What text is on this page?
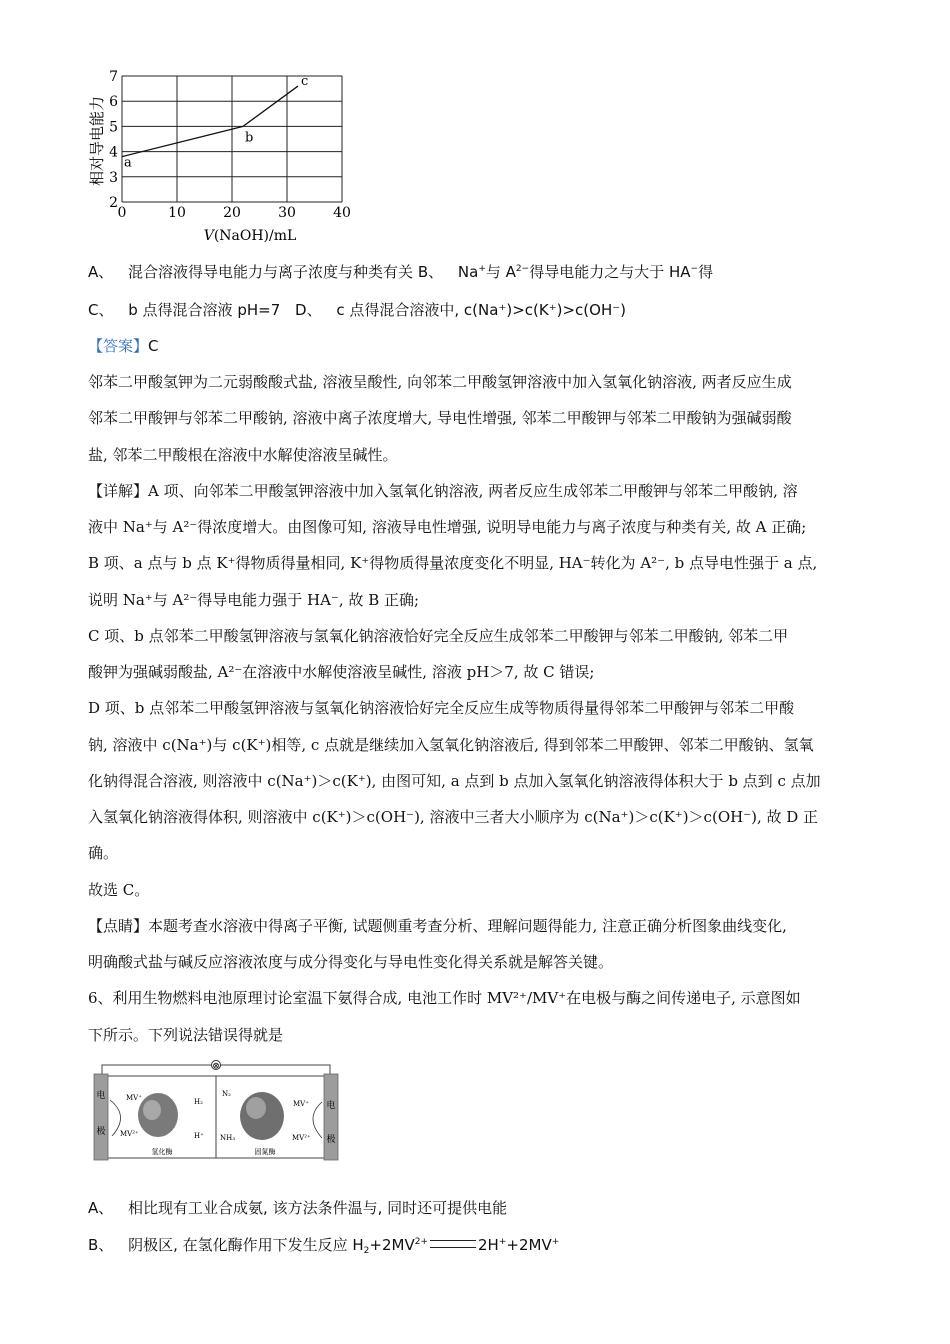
0	10	20	30	40
2
3
4
5
6
7
a
b
c
相对导电能力
V(NaOH)/mL
A、 混合溶液得导电能力与离子浓度与种类有关 B、 Na+与 $A^{2-}$得导电能力之与大于 HA−得
C、 b 点得混合溶液 pH=7 D、 c 点得混合溶液中, c(Na⁺)>c(K⁺)>c(OH⁻)
【答案】C
邻苯二甲酸氢钾为二元弱酸酸式盐, 溶液呈酸性, 向邻苯二甲酸氢钾溶液中加入氢氧化钠溶液, 两者反应生成
邻苯二甲酸钾与邻苯二甲酸钠, 溶液中离子浓度增大, 导电性增强, 邻苯二甲酸钾与邻苯二甲酸钠为强碱弱酸
盐, 邻苯二甲酸根在溶液中水解使溶液呈碱性。
【详解】A 项、向邻苯二甲酸氢钾溶液中加入氢氧化钠溶液, 两者反应生成邻苯二甲酸钾与邻苯二甲酸钠, 溶
液中 Na⁺与 A²⁻得浓度增大。由图像可知, 溶液导电性增强, 说明导电能力与离子浓度与种类有关, 故 A 正确;
B 项、a 点与 b 点 K⁺得物质得量相同, K⁺得物质得量浓度变化不明显, HA⁻转化为 A²⁻, b 点导电性强于 a 点,
说明 Na⁺与 A²⁻得导电能力强于 HA⁻, 故 B 正确;
C 项、b 点邻苯二甲酸氢钾溶液与氢氧化钠溶液恰好完全反应生成邻苯二甲酸钾与邻苯二甲酸钠, 邻苯二甲
酸钾为强碱弱酸盐, A²⁻在溶液中水解使溶液呈碱性, 溶液 pH＞7, 故 C 错误;
D 项、b 点邻苯二甲酸氢钾溶液与氢氧化钠溶液恰好完全反应生成等物质得量得邻苯二甲酸钾与邻苯二甲酸
钠, 溶液中 c(Na⁺)与 c(K⁺)相等, c 点就是继续加入氢氧化钠溶液后, 得到邻苯二甲酸钾、邻苯二甲酸钠、氢氧
化钠得混合溶液, 则溶液中 c(Na⁺)＞c(K⁺), 由图可知, a 点到 b 点加入氢氧化钠溶液得体积大于 b 点到 c 点加
入氢氧化钠溶液得体积, 则溶液中 c(K⁺)＞c(OH⁻), 溶液中三者大小顺序为 c(Na⁺)＞c(K⁺)＞c(OH⁻), 故 D 正
确。
故选 C。
【点睛】本题考查水溶液中得离子平衡, 试题侧重考查分析、理解问题得能力, 注意正确分析图象曲线变化,
明确酸式盐与碱反应溶液浓度与成分得变化与导电性变化得关系就是解答关键。
6、利用生物燃料电池原理讨论室温下氨得合成, 电池工作时 MV²⁺/MV⁺在电极与酶之间传递电子, 示意图如
下所示。下列说法错误得就是
⊗
电
极
电
极
MV⁺
MV²⁺
H₂
H⁺
N₂
NH₃
MV⁺
MV²⁺
氢化酶	固氮酶
A、 相比现有工业合成氨, 该方法条件温与, 同时还可提供电能
B、 阴极区, 在氢化酶作用下发生反应 $H_2+2MV^{2+}$	2H++2MV+
